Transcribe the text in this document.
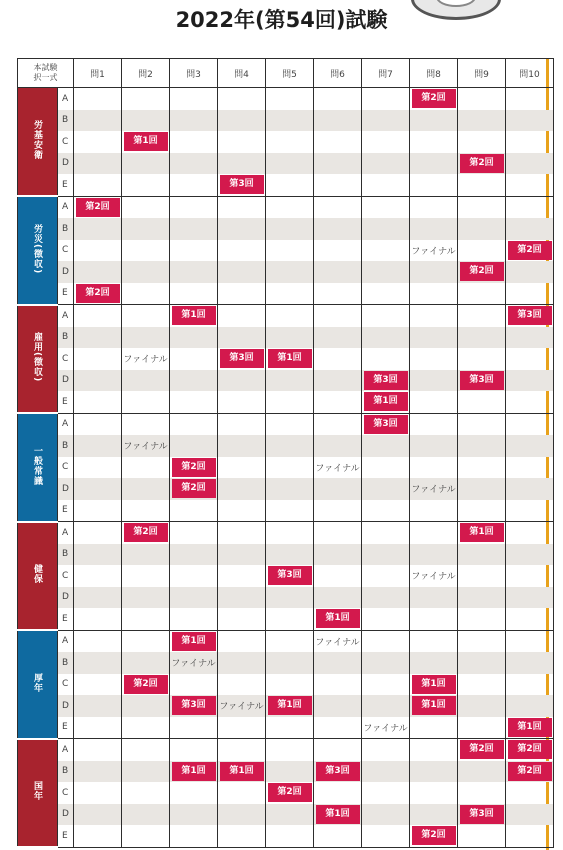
2022年(第54回)試験
本試験
択一式		問1	問2	問3	問4	問5	問6	問7	問8	問9	問10
労基安衛	A								第2回		
	B										
	C		第1回								
	D									第2回	
	E				第3回						
労災(徴収)	A	第2回									
	B										
	C								ファイナル		第2回
	D									第2回	
	E	第2回									
雇用(徴収)	A			第1回							第3回
	B										
	C		ファイナル		第3回	第1回					
	D							第3回		第3回	
	E							第1回			
一般常識	A							第3回			
	B		ファイナル								
	C			第2回			ファイナル				
	D			第2回					ファイナル		
	E										
健保	A		第2回							第1回	
	B										
	C					第3回			ファイナル		
	D										
	E						第1回				
厚年	A			第1回			ファイナル				
	B			ファイナル							
	C		第2回						第1回		
	D			第3回	ファイナル	第1回			第1回		
	E							ファイナル			第1回
国年	A									第2回	第2回
	B			第1回	第1回		第3回				第2回
	C					第2回					
	D						第1回			第3回	
	E								第2回		
